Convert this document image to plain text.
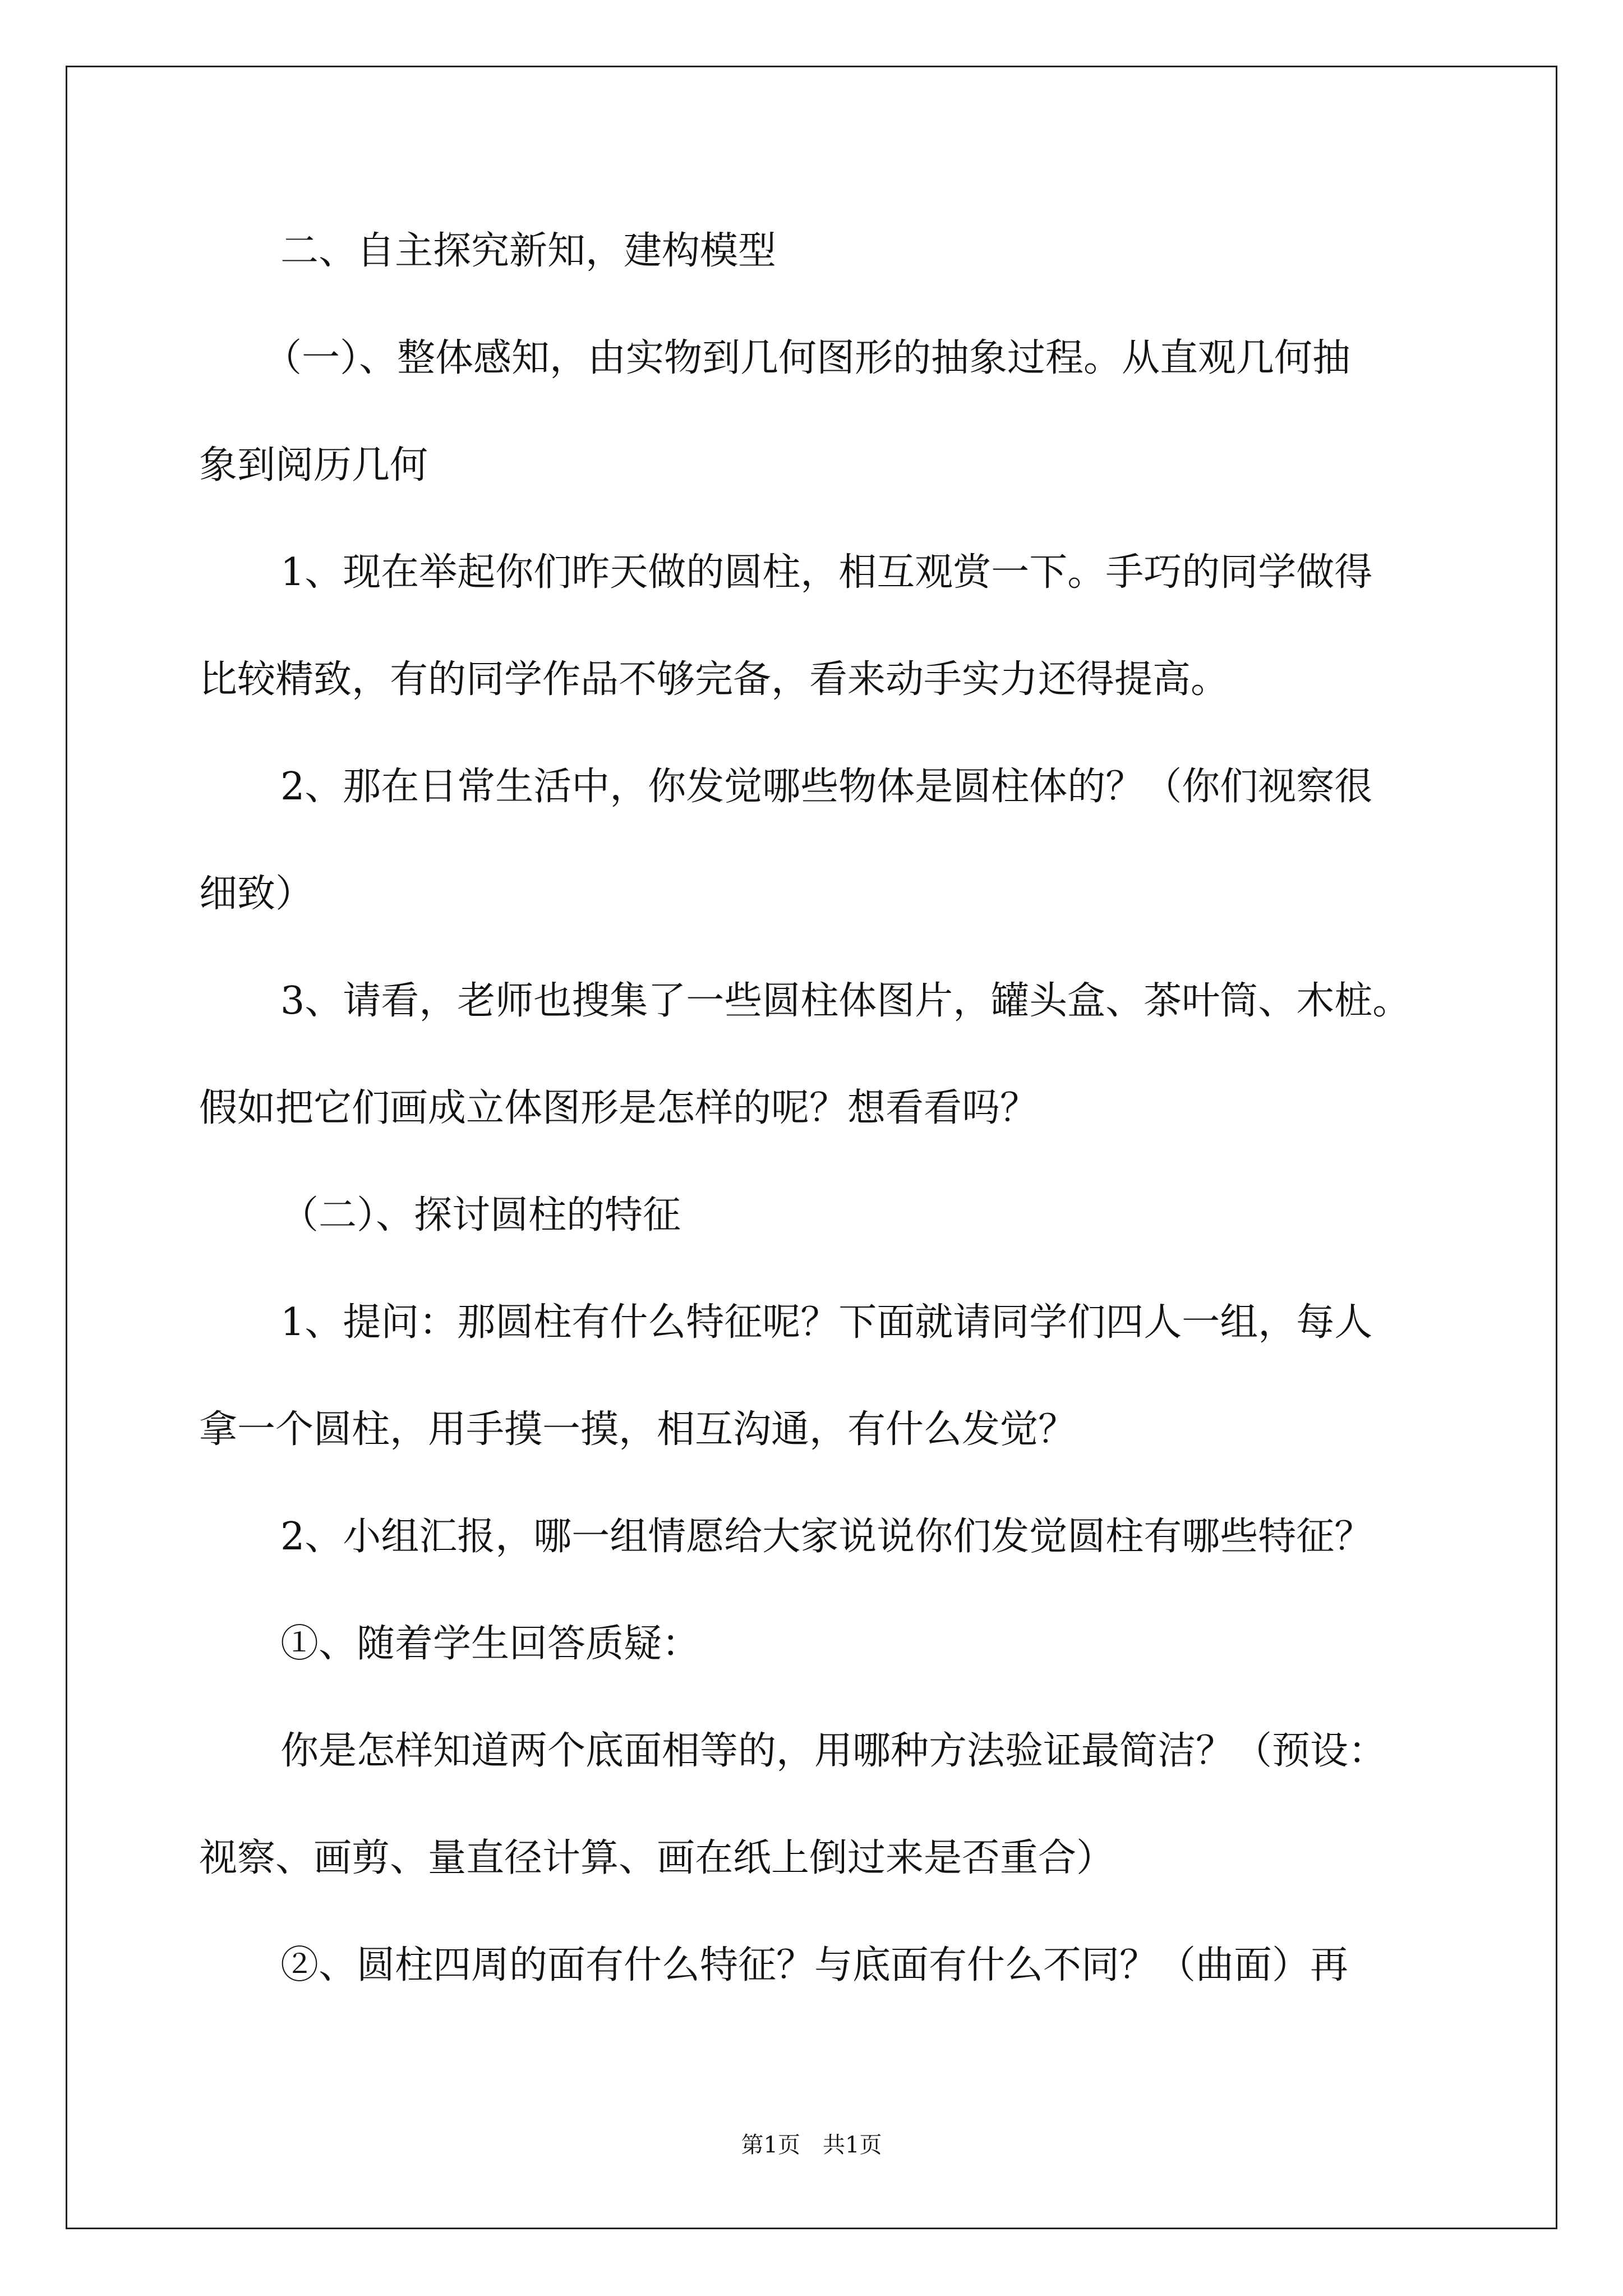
二、自主探究新知，建构模型

（一）、整体感知，由实物到几何图形的抽象过程。从直观几何抽

象到阅历几何

1、现在举起你们昨天做的圆柱，相互观赏一下。手巧的同学做得

比较精致，有的同学作品不够完备，看来动手实力还得提高。

2、那在日常生活中，你发觉哪些物体是圆柱体的？（你们视察很

细致）

3、请看，老师也搜集了一些圆柱体图片，罐头盒、茶叶筒、木桩。

假如把它们画成立体图形是怎样的呢？想看看吗？

（二）、探讨圆柱的特征

1、提问：那圆柱有什么特征呢？下面就请同学们四人一组，每人

拿一个圆柱，用手摸一摸，相互沟通，有什么发觉？

2、小组汇报，哪一组情愿给大家说说你们发觉圆柱有哪些特征？

①、随着学生回答质疑：

你是怎样知道两个底面相等的，用哪种方法验证最简洁？（预设：

视察、画剪、量直径计算、画在纸上倒过来是否重合）

②、圆柱四周的面有什么特征？与底面有什么不同？（曲面）再

第1页　共1页
